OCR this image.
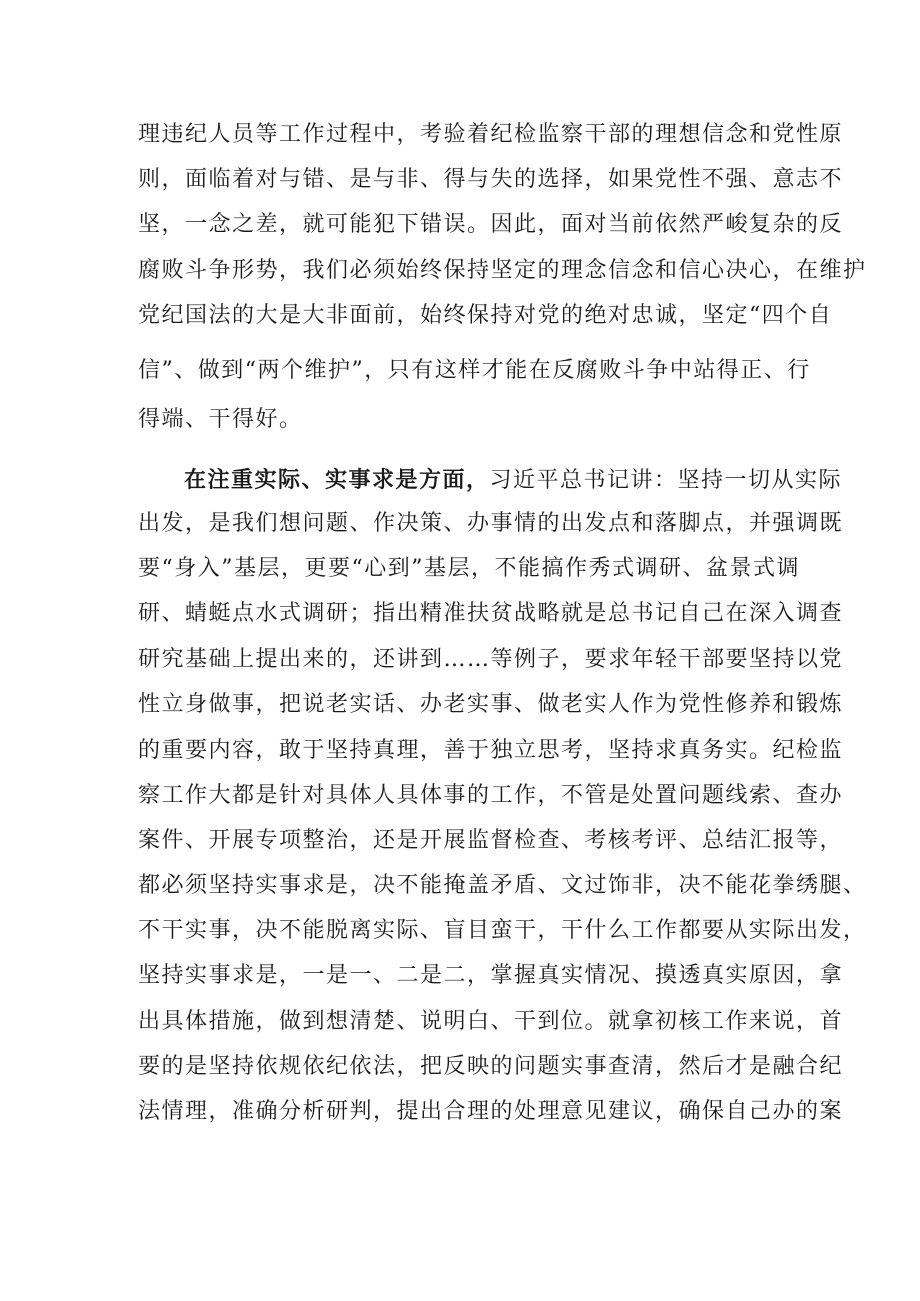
理违纪人员等工作过程中，考验着纪检监察干部的理想信念和党性原
则，面临着对与错、是与非、得与失的选择，如果党性不强、意志不
坚，一念之差，就可能犯下错误。因此，面对当前依然严峻复杂的反
腐败斗争形势，我们必须始终保持坚定的理念信念和信心决心，在维护
党纪国法的大是大非面前，始终保持对党的绝对忠诚，坚定“四个自
信”、做到“两个维护”，只有这样才能在反腐败斗争中站得正、行
得端、干得好。
在注重实际、实事求是方面，习近平总书记讲：坚持一切从实际
出发，是我们想问题、作决策、办事情的出发点和落脚点，并强调既
要“身入”基层，更要“心到”基层，不能搞作秀式调研、盆景式调
研、蜻蜓点水式调研；指出精准扶贫战略就是总书记自己在深入调查
研究基础上提出来的，还讲到……等例子，要求年轻干部要坚持以党
性立身做事，把说老实话、办老实事、做老实人作为党性修养和锻炼
的重要内容，敢于坚持真理，善于独立思考，坚持求真务实。纪检监
察工作大都是针对具体人具体事的工作，不管是处置问题线索、查办
案件、开展专项整治，还是开展监督检查、考核考评、总结汇报等，
都必须坚持实事求是，决不能掩盖矛盾、文过饰非，决不能花拳绣腿、
不干实事，决不能脱离实际、盲目蛮干，干什么工作都要从实际出发，
坚持实事求是，一是一、二是二，掌握真实情况、摸透真实原因，拿
出具体措施，做到想清楚、说明白、干到位。就拿初核工作来说，首
要的是坚持依规依纪依法，把反映的问题实事查清，然后才是融合纪
法情理，准确分析研判，提出合理的处理意见建议，确保自己办的案
